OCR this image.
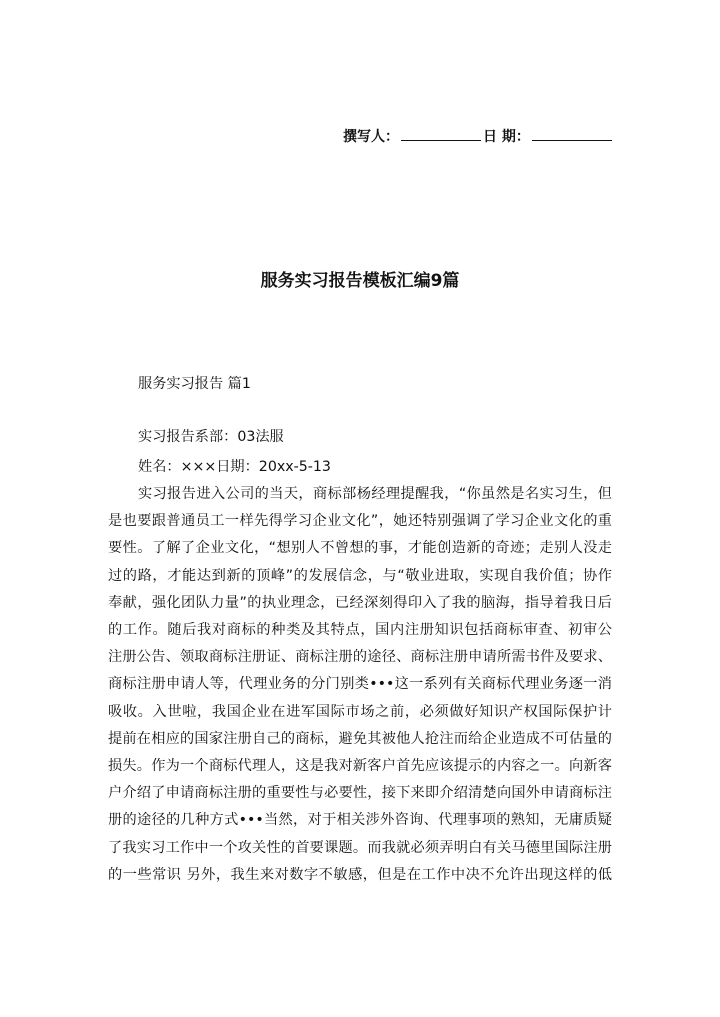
撰写人：	日 期：
服务实习报告模板汇编9篇
服务实习报告 篇1
实习报告系部：03法服
姓名：×××日期：20xx-5-13
实习报告进入公司的当天，商标部杨经理提醒我，“你虽然是名实习生，但
是也要跟普通员工一样先得学习企业文化”，她还特别强调了学习企业文化的重
要性。了解了企业文化，“想别人不曾想的事，才能创造新的奇迹；走别人没走
过的路，才能达到新的顶峰”的发展信念，与“敬业进取，实现自我价值；协作
奉献，强化团队力量”的执业理念，已经深刻得印入了我的脑海，指导着我日后
的工作。随后我对商标的种类及其特点，国内注册知识包括商标审查、初审公
注册公告、领取商标注册证、商标注册的途径、商标注册申请所需书件及要求、
商标注册申请人等，代理业务的分门别类•••这一系列有关商标代理业务逐一消
吸收。入世啦，我国企业在进军国际市场之前，必须做好知识产权国际保护计
提前在相应的国家注册自己的商标，避免其被他人抢注而给企业造成不可估量的
损失。作为一个商标代理人，这是我对新客户首先应该提示的内容之一。向新客
户介绍了申请商标注册的重要性与必要性，接下来即介绍清楚向国外申请商标注
册的途径的几种方式•••当然，对于相关涉外咨询、代理事项的熟知，无庸质疑
了我实习工作中一个攻关性的首要课题。而我就必须弄明白有关马德里国际注册
的一些常识 另外，我生来对数字不敏感，但是在工作中决不允许出现这样的低
